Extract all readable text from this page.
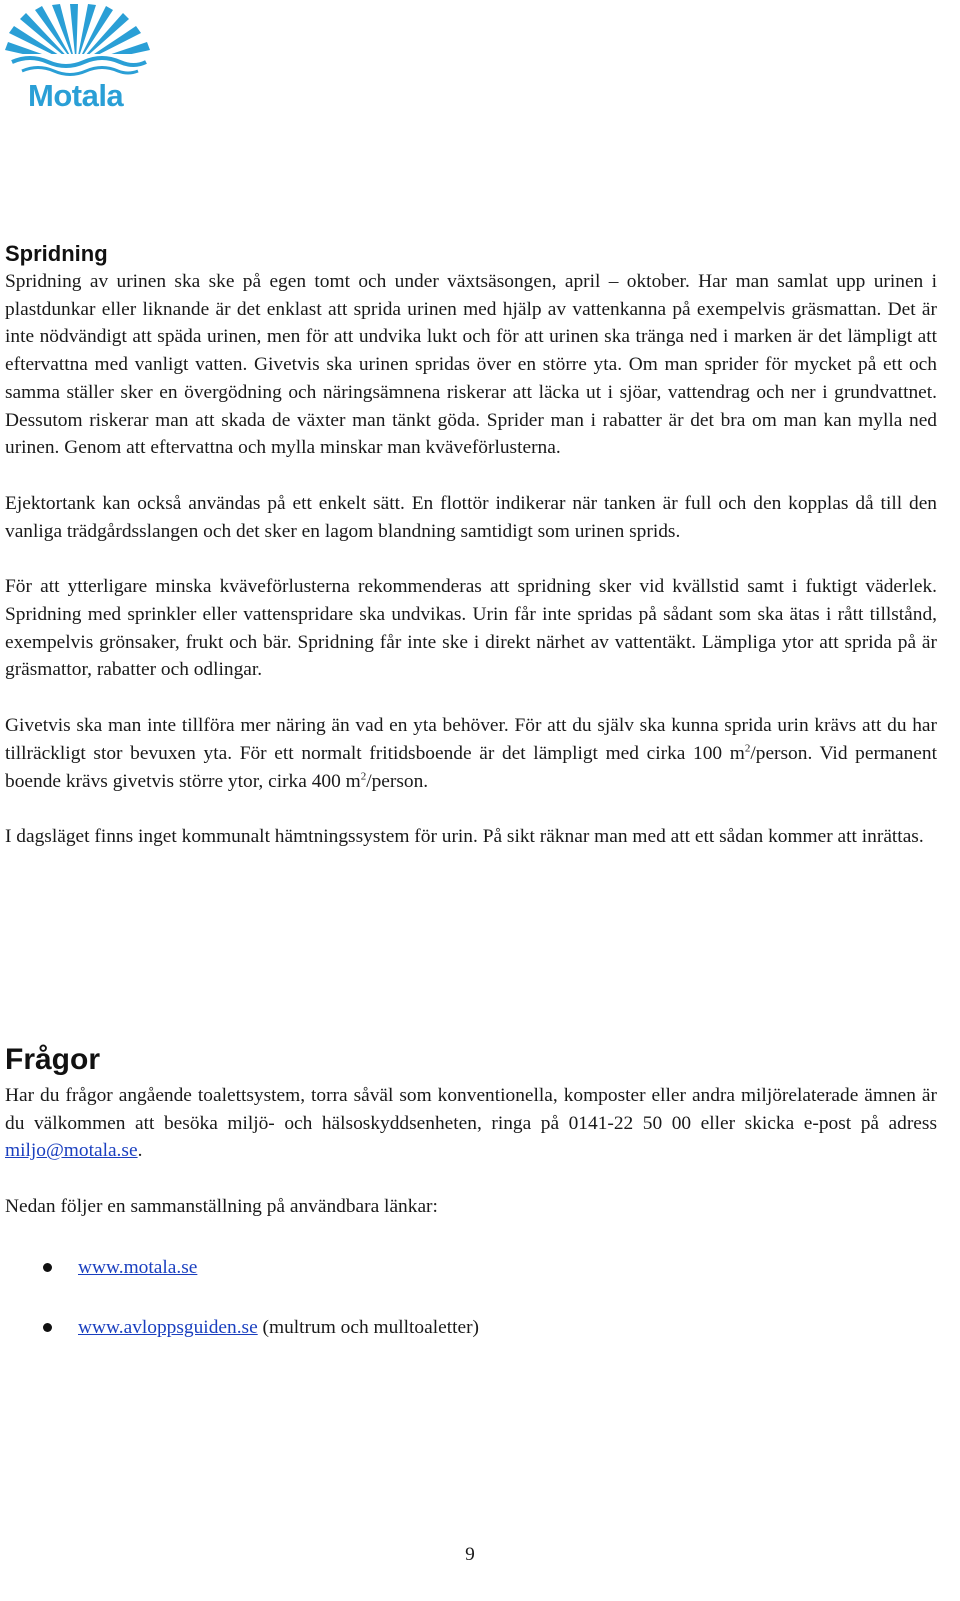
Motala
Spridning

Spridning av urinen ska ske på egen tomt och under växtsäsongen, april – oktober. Har man samlat upp urinen i plastdunkar eller liknande är det enklast att sprida urinen med hjälp av vattenkanna på exempelvis gräsmattan. Det är inte nödvändigt att späda urinen, men för att undvika lukt och för att urinen ska tränga ned i marken är det lämpligt att eftervattna med vanligt vatten. Givetvis ska urinen spridas över en större yta. Om man sprider för mycket på ett och samma ställer sker en övergödning och näringsämnena riskerar att läcka ut i sjöar, vattendrag och ner i grundvattnet. Dessutom riskerar man att skada de växter man tänkt göda. Sprider man i rabatter är det bra om man kan mylla ned urinen. Genom att eftervattna och mylla minskar man kväveförlusterna.

Ejektortank kan också användas på ett enkelt sätt. En flottör indikerar när tanken är full och den kopplas då till den vanliga trädgårdsslangen och det sker en lagom blandning samtidigt som urinen sprids.

För att ytterligare minska kväveförlusterna rekommenderas att spridning sker vid kvällstid samt i fuktigt väderlek. Spridning med sprinkler eller vattenspridare ska undvikas. Urin får inte spridas på sådant som ska ätas i rått tillstånd, exempelvis grönsaker, frukt och bär. Spridning får inte ske i direkt närhet av vattentäkt. Lämpliga ytor att sprida på är gräsmattor, rabatter och odlingar.

Givetvis ska man inte tillföra mer näring än vad en yta behöver. För att du själv ska kunna sprida urin krävs att du har tillräckligt stor bevuxen yta. För ett normalt fritidsboende är det lämpligt med cirka 100 $m^2$/person. Vid permanent boende krävs givetvis större ytor, cirka 400 $m^2$/person.

I dagsläget finns inget kommunalt hämtningssystem för urin. På sikt räknar man med att ett sådan kommer att inrättas.

Frågor

Har du frågor angående toalettsystem, torra såväl som konventionella, komposter eller andra miljörelaterade ämnen är du välkommen att besöka miljö- och hälsoskyddsenheten, ringa på 0141-22 50 00 eller skicka e-post på adress miljo@motala.se.

Nedan följer en sammanställning på användbara länkar:

www.motala.se
www.avloppsguiden.se (multrum och mulltoaletter)
9
